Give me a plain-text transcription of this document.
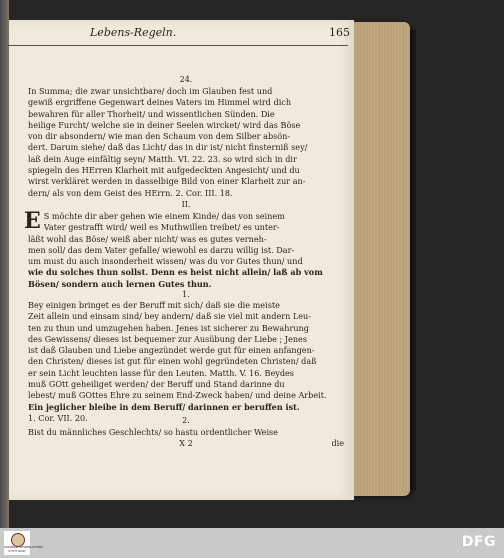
Lebens-Regeln.	165
24.
In Summa; die zwar unsichtbare/ doch im Glauben fest und
gewiß ergriffene Gegenwart deines Vaters im Himmel wird dich
bewahren für aller Thorheit/ und wissentlichen Sünden. Die
heilige Furcht/ welche sie in deiner Seelen wircket/ wird das Böse
von dir absondern/ wie man den Schaum von dem Silber absön-
dert. Darum siehe/ daß das Licht/ das in dir ist/ nicht finsterniß sey/
laß dein Auge einfältig seyn/ Matth. VI. 22. 23. so wird sich in dir
spiegeln des HErren Klarheit mit aufgedeckten Angesicht/ und du
wirst verkläret werden in dasselbige Bild von einer Klarheit zur an-
dern/ als von dem Geist des HErrn. 2. Cor. III. 18.
II.
E S möchte dir aber gehen wie einem Kinde/ das von seinem
Vater gestrafft wird/ weil es Muthwillen treibet/ es unter-
läßt wohl das Böse/ weiß aber nicht/ was es gutes verneh-
men soll/ das dem Vater gefalle/ wiewohl es darzu willig ist. Dar-
um must du auch insonderheit wissen/ was du vor Gutes thun/ und
wie du solches thun sollst. Denn es heist nicht allein/ laß ab vom
Bösen/ sondern auch lernen Gutes thun.
1.
Bey einigen bringet es der Beruff mit sich/ daß sie die meiste
Zeit allein und einsam sind/ bey andern/ daß sie viel mit andern Leu-
ten zu thun und umzugehen haben. Jenes ist sicherer zu Bewahrung
des Gewissens/ dieses ist bequemer zur Ausübung der Liebe ; Jenes
ist daß Glauben und Liebe angezündet werde gut für einen anfangen-
den Christen/ dieses ist gut für einen wohl gegründeten Christen/ daß
er sein Licht leuchten lasse für den Leuten. Matth. V. 16. Beydes
muß GOtt geheiliget werden/ der Beruff und Stand darinne du
lebest/ muß GOttes Ehre zu seinem End-Zweck haben/ und deine Arbeit.
Ein jeglicher bleibe in dem Beruff/ darinnen er beruffen ist.
1. Cor. VII. 20.	2.
Bist du männliches Geschlechts/ so hastu ordentlicher Weise
X 2	die
UNIVERSITÄTSBIBLIOTHEK STUTTGART
DFG
